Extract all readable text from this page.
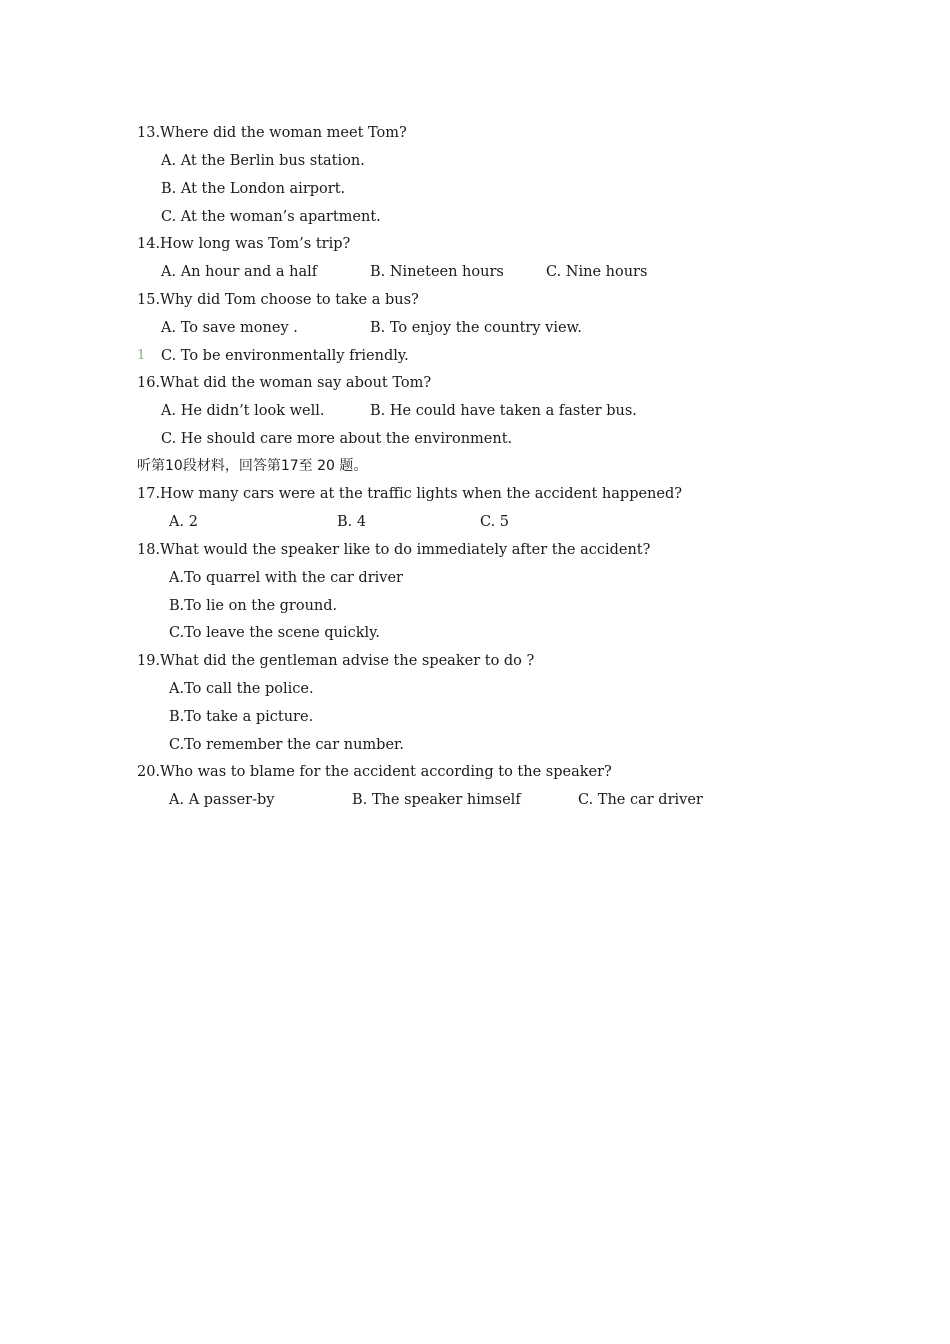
13.Where did the woman meet Tom?
A. At the Berlin bus station.
B. At the London airport.
C. At the woman’s apartment.
14.How long was Tom’s trip?

A. An hour and a half

	B. Nineteen hours

	C. Nine hours

15.Why did Tom choose to take a bus?

A. To save money .

	B. To enjoy the country view.

1 C. To be environmentally friendly.
16.What did the woman say about Tom?

A. He didn’t look well.

	B. He could have taken a faster bus.

C. He should care more about the environment.
听第10段材料，回答第17至 20 题。
17.How many cars were at the traffic lights when the accident happened?

A. 2

	B. 4

	C. 5

18.What would the speaker like to do immediately after the accident?
A.To quarrel with the car driver
B.To lie on the ground.
C.To leave the scene quickly.
19.What did the gentleman advise the speaker to do ?
A.To call the police.
B.To take a picture.
C.To remember the car number.
20.Who was to blame for the accident according to the speaker?

A. A passer-by

	B. The speaker himself

	C. The car driver
